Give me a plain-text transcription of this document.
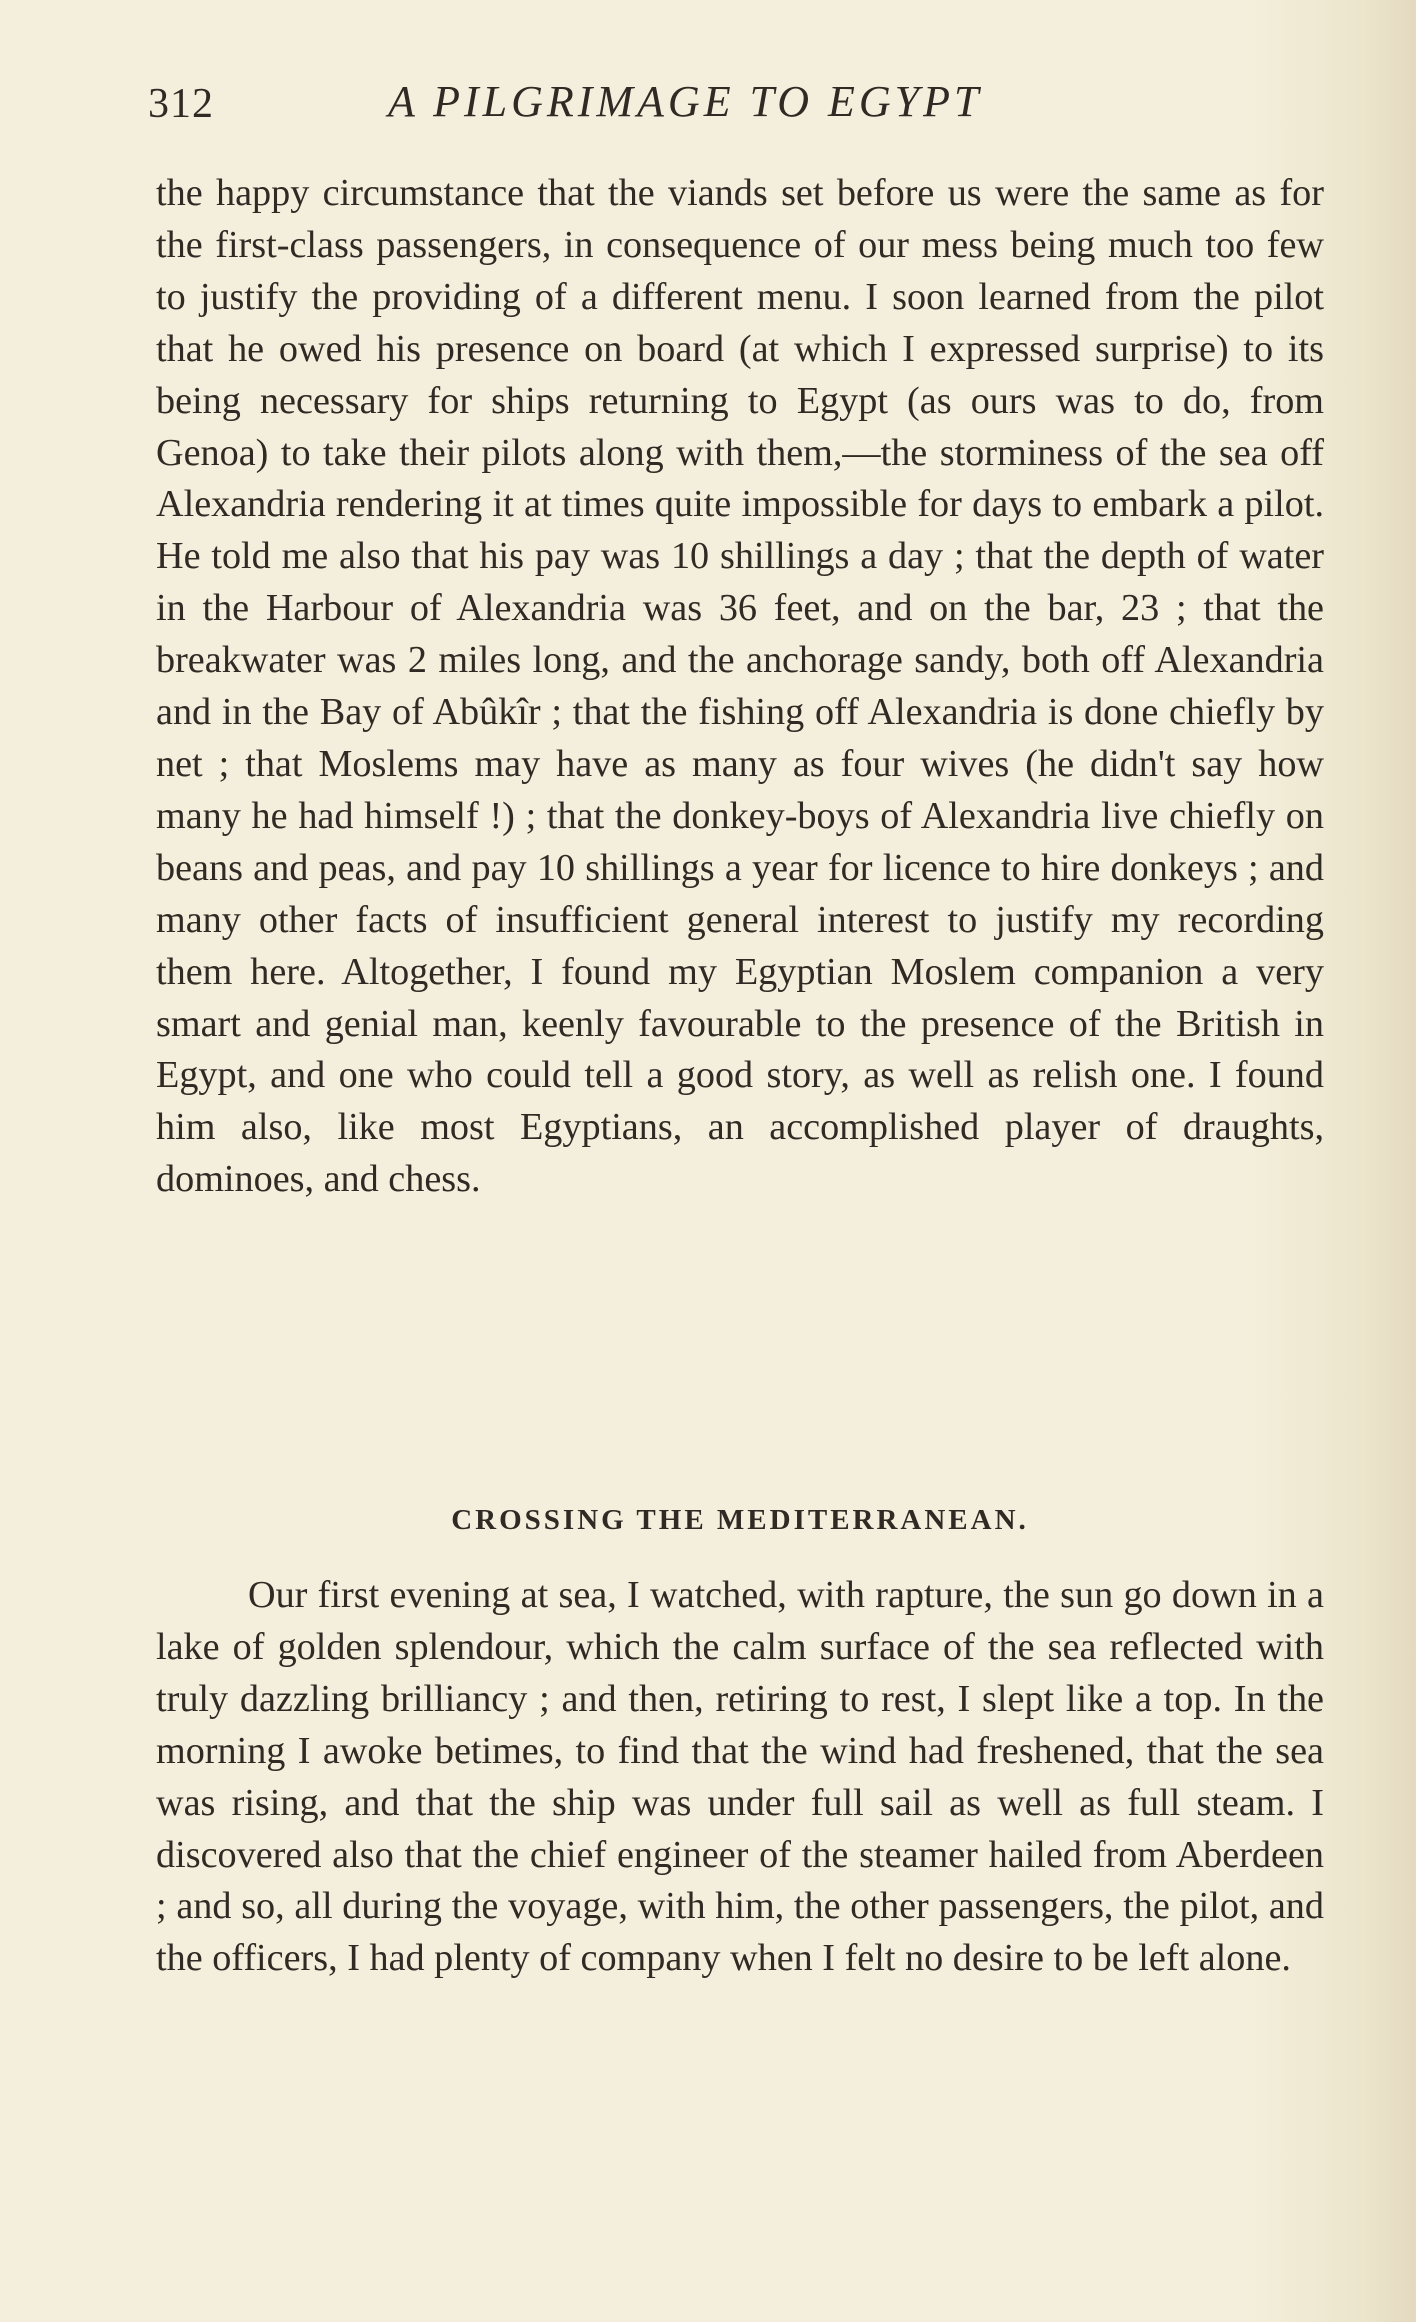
312	A PILGRIMAGE TO EGYPT

the happy circumstance that the viands set before us were the same as for the first-class passengers, in consequence of our mess being much too few to justify the providing of a different menu. I soon learned from the pilot that he owed his presence on board (at which I expressed surprise) to its being necessary for ships returning to Egypt (as ours was to do, from Genoa) to take their pilots along with them,—the storminess of the sea off Alexandria rendering it at times quite impossible for days to embark a pilot. He told me also that his pay was 10 shillings a day ; that the depth of water in the Harbour of Alexandria was 36 feet, and on the bar, 23 ; that the breakwater was 2 miles long, and the anchorage sandy, both off Alexandria and in the Bay of Abûkîr ; that the fishing off Alexandria is done chiefly by net ; that Moslems may have as many as four wives (he didn't say how many he had himself !) ; that the donkey-boys of Alexandria live chiefly on beans and peas, and pay 10 shillings a year for licence to hire donkeys ; and many other facts of insufficient general interest to justify my recording them here. Altogether, I found my Egyptian Moslem companion a very smart and genial man, keenly favourable to the presence of the British in Egypt, and one who could tell a good story, as well as relish one. I found him also, like most Egyptians, an accomplished player of draughts, dominoes, and chess.

CROSSING THE MEDITERRANEAN.

Our first evening at sea, I watched, with rapture, the sun go down in a lake of golden splendour, which the calm surface of the sea reflected with truly dazzling brilliancy ; and then, retiring to rest, I slept like a top. In the morning I awoke betimes, to find that the wind had freshened, that the sea was rising, and that the ship was under full sail as well as full steam. I discovered also that the chief engineer of the steamer hailed from Aberdeen ; and so, all during the voyage, with him, the other passengers, the pilot, and the officers, I had plenty of company when I felt no desire to be left alone.
